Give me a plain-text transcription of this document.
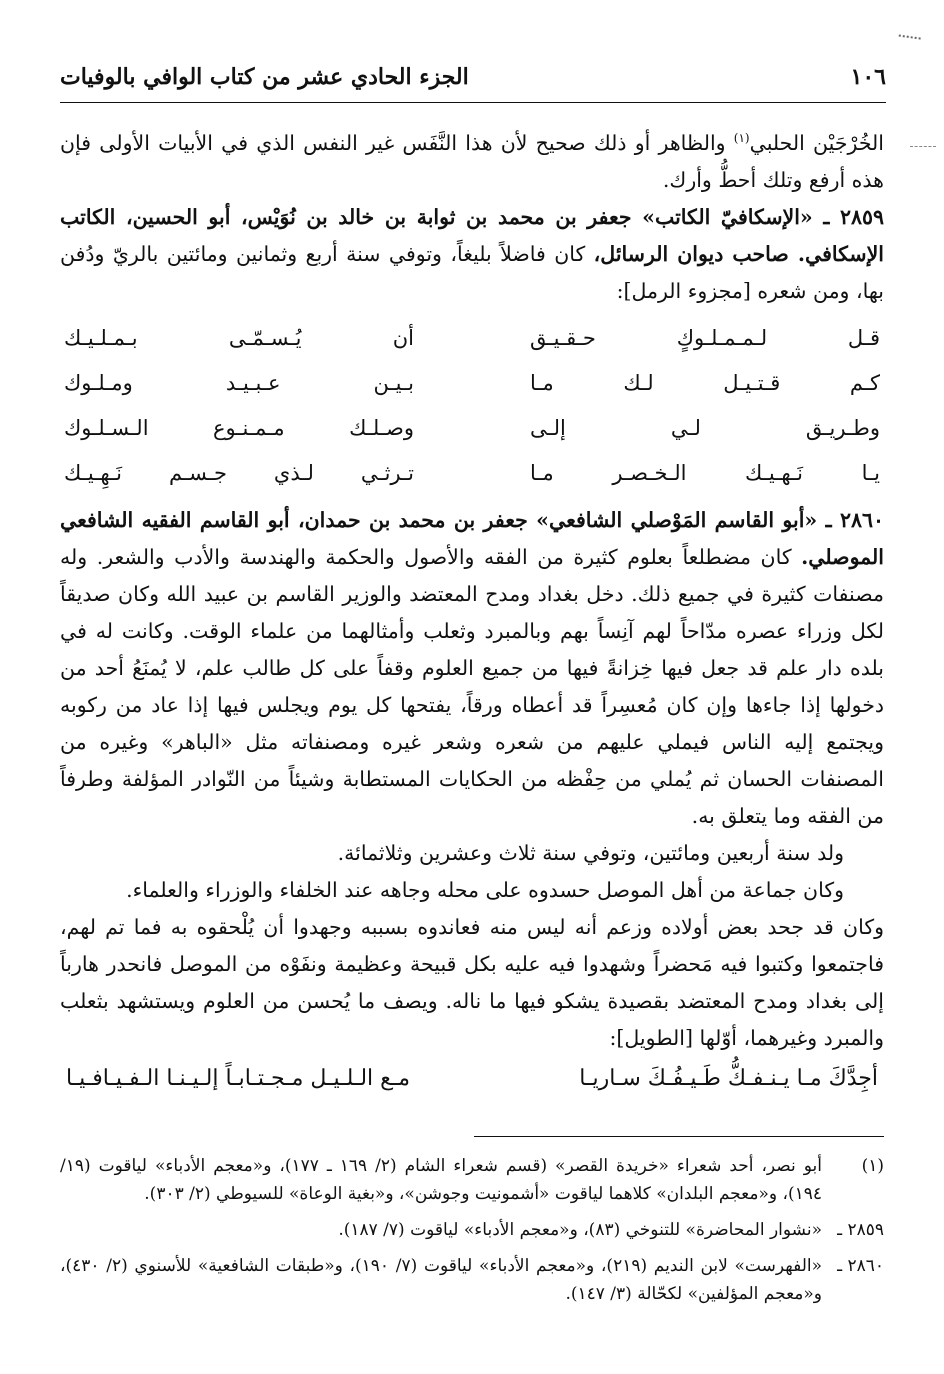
١٠٦
الجزء الحادي عشر من كتاب الوافي بالوفيات

الخُرْجَيْن الحلبي$^{(١)}$ والظاهر أو ذلك صحيح لأن هذا النَّفَس غير النفس الذي في الأبيات الأولى فإن هذه أرفع وتلك أحطُّ وأرك.

٢٨٥٩ ـ «الإسكافيّ الكاتب» جعفر بن محمد بن ثوابة بن خالد بن نُوَيْس، أبو الحسين، الكاتب الإسكافي. صاحب ديوان الرسائل، كان فاضلاً بليغاً، وتوفي سنة أربع وثمانين ومائتين بالريّ ودُفن بها، ومن شعره [مجزوء الرمل]:

قـل لـمـمـلـوكٍ حـقـيـق
أن يُـسـمّـى بـمـلـيـك
كـم قـتـيـل لـك مـا
بـيـن عـبـيـد ومـلـوك
وطـريـق لـي إلـى
وصـلـك مـمـنـوع الـسـلـوك
يـا نَـهـيـك الـخـصـر مـا
تـرثـي لـذي جـسـم نَـهِـيـك

٢٨٦٠ ـ «أبو القاسم المَوْصلي الشافعي» جعفر بن محمد بن حمدان، أبو القاسم الفقيه الشافعي الموصلي. كان مضطلعاً بعلوم كثيرة من الفقه والأصول والحكمة والهندسة والأدب والشعر. وله مصنفات كثيرة في جميع ذلك. دخل بغداد ومدح المعتضد والوزير القاسم بن عبيد الله وكان صديقاً لكل وزراء عصره مدّاحاً لهم آنِساً بهم وبالمبرد وثعلب وأمثالهما من علماء الوقت. وكانت له في بلده دار علم قد جعل فيها خِزانةً فيها من جميع العلوم وقفاً على كل طالب علم، لا يُمنَعُ أحد من دخولها إذا جاءها وإن كان مُعسِراً قد أعطاه ورقاً، يفتحها كل يوم ويجلس فيها إذا عاد من ركوبه ويجتمع إليه الناس فيملي عليهم من شعره وشعر غيره ومصنفاته مثل «الباهر» وغيره من المصنفات الحسان ثم يُملي من حِفْظه من الحكايات المستطابة وشيئاً من النّوادر المؤلفة وطرفاً من الفقه وما يتعلق به.

ولد سنة أربعين ومائتين، وتوفي سنة ثلاث وعشرين وثلاثمائة.

وكان جماعة من أهل الموصل حسدوه على محله وجاهه عند الخلفاء والوزراء والعلماء.

وكان قد جحد بعض أولاده وزعم أنه ليس منه فعاندوه بسببه وجهدوا أن يُلْحقوه به فما تم لهم، فاجتمعوا وكتبوا فيه مَحضراً وشهدوا فيه عليه بكل قبيحة وعظيمة ونفَوْه من الموصل فانحدر هارباً إلى بغداد ومدح المعتضد بقصيدة يشكو فيها ما ناله. ويصف ما يُحسن من العلوم ويستشهد بثعلب والمبرد وغيرهما، أوّلها [الطويل]:

أجِدَّكَ مـا يـنـفـكُّ طَـيـفُـكَ سـاريـا
مـع الـلـيـل مـجـتـابـاً إلـيـنـا الـفـيـافـيـا
(١)
أبو نصر، أحد شعراء «خريدة القصر» (قسم شعراء الشام (٢/ ١٦٩ ـ ١٧٧)، و«معجم الأدباء» لياقوت (١٩/ ١٩٤)، و«معجم البلدان» كلاهما لياقوت «أشمونيت وجوشن»، و«بغية الوعاة» للسيوطي (٢/ ٣٠٣).
٢٨٥٩ ـ
«نشوار المحاضرة» للتنوخي (٨٣)، و«معجم الأدباء» لياقوت (٧/ ١٨٧).
٢٨٦٠ ـ
«الفهرست» لابن النديم (٢١٩)، و«معجم الأدباء» لياقوت (٧/ ١٩٠)، و«طبقات الشافعية» للأسنوي (٢/ ٤٣٠)، و«معجم المؤلفين» لكحّالة (٣/ ١٤٧).
